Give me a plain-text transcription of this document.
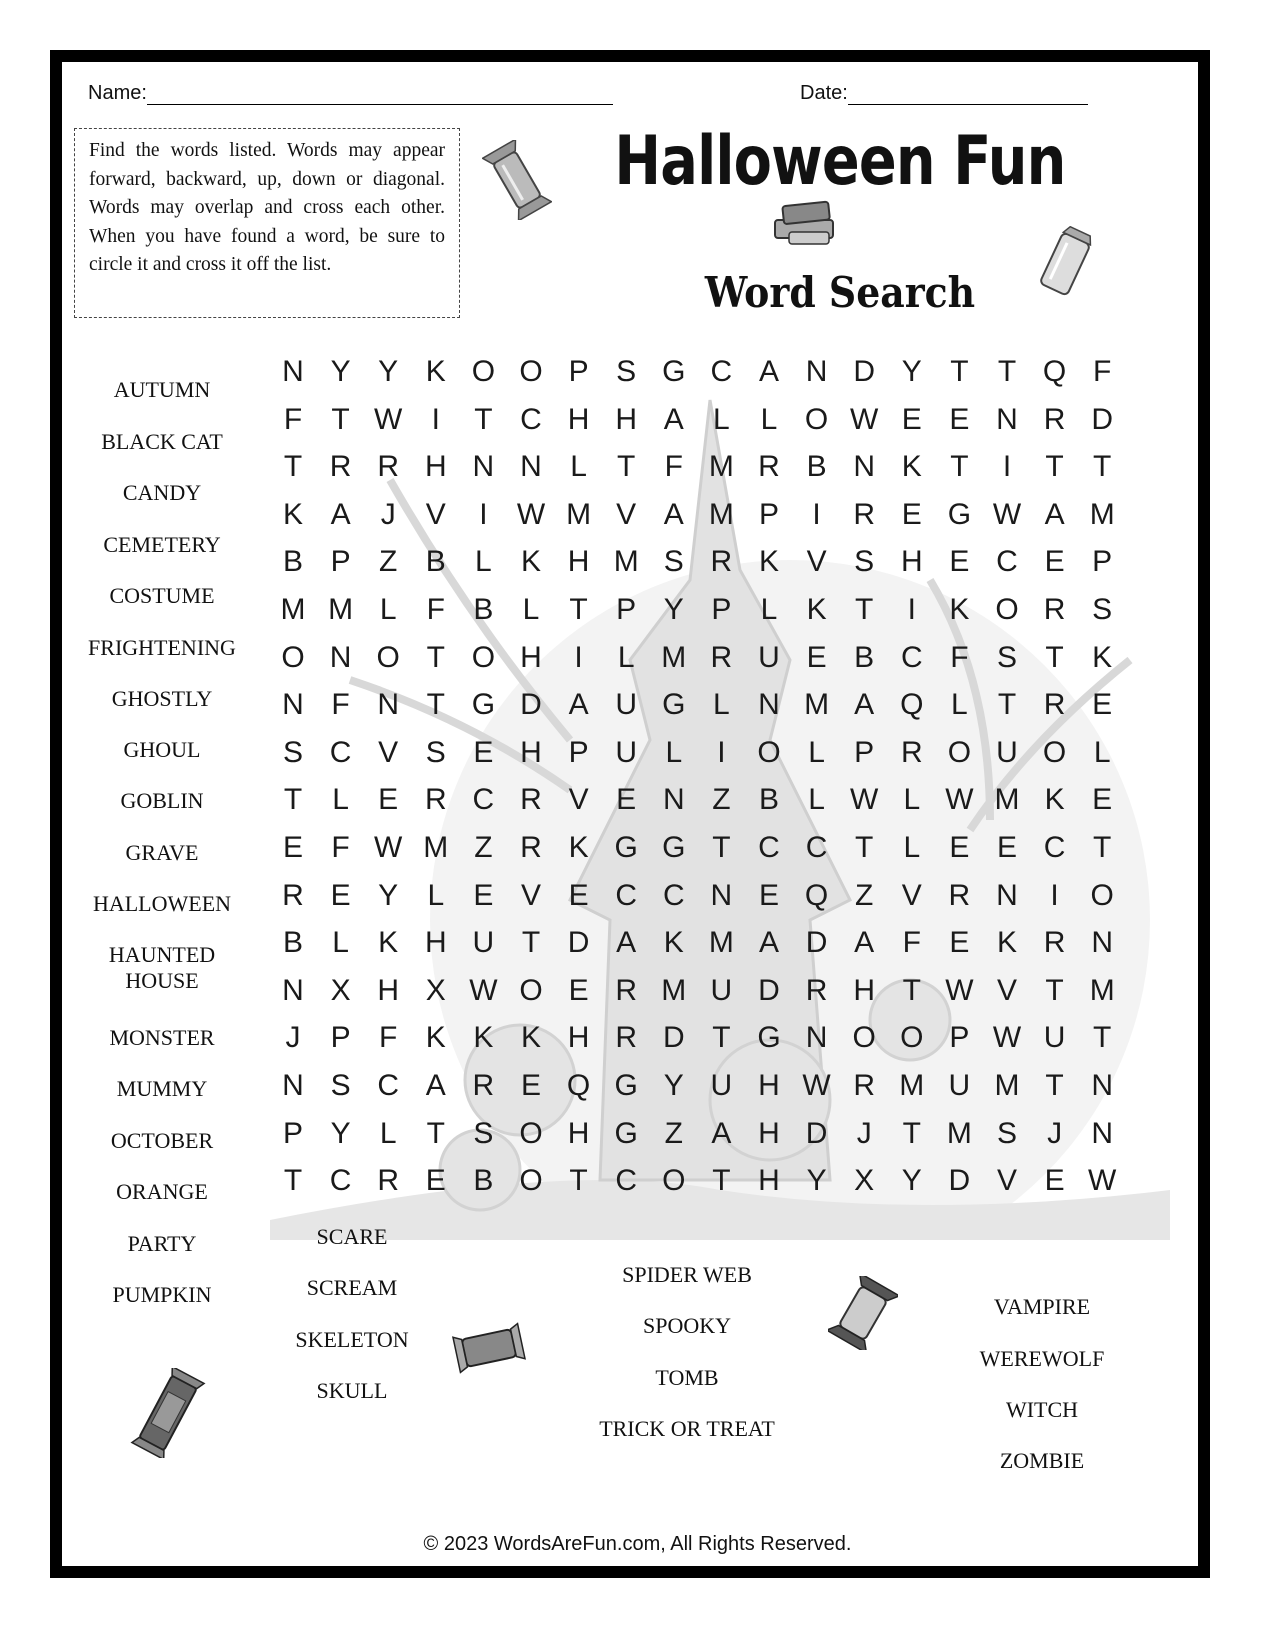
Name:	Date:
Find the words listed. Words may appear forward, backward, up, down or diagonal. Words may overlap and cross each other. When you have found a word, be sure to circle it and cross it off the list.
Halloween Fun
Word Search
N Y Y K O O P S G C A N D Y T T Q F
F T W I	T C H H A L	L O W E E N R D
T R R H N N L	T F M R B N K T	I	T T
K A	J	V	I W M V A M P	I	R E G W A M
B P Z B L K H M S R K V S H E C E P
M M L	F B L	T P Y P L K T	I	K O R S
O N O T O H	I	L M R U E B C F S T K
N F N T G D A U G L N M A Q L	T R E
S C V S E H P U L	I	O L P R O U O L
T	L E R C R V E N Z B L W L W M K E
E F W M Z R K G G T C C T	L E E C T
R E Y L E V E C C N E Q Z V R N	I	O
B L K H U T D A K M A D A F E K R N
N X H X W O E R M U D R H T W V T M
J	P F K K K H R D T G N O O P W U T
N S C A R E Q G Y U H W R M U M T N
P Y L	T S O H G Z A H D J	T M S	J N
T C R E B O T C O T H Y X Y D V E W
AUTUMN
BLACK CAT
CANDY
CEMETERY
COSTUME
FRIGHTENING
GHOSTLY
GHOUL
GOBLIN
GRAVE
HALLOWEEN
HAUNTED HOUSE
MONSTER
MUMMY
OCTOBER
ORANGE
PARTY
PUMPKIN
SCARE
SCREAM
SKELETON
SKULL
SPIDER WEB
SPOOKY
TOMB
TRICK OR TREAT
VAMPIRE
WEREWOLF
WITCH
ZOMBIE
© 2023 WordsAreFun.com, All Rights Reserved.
